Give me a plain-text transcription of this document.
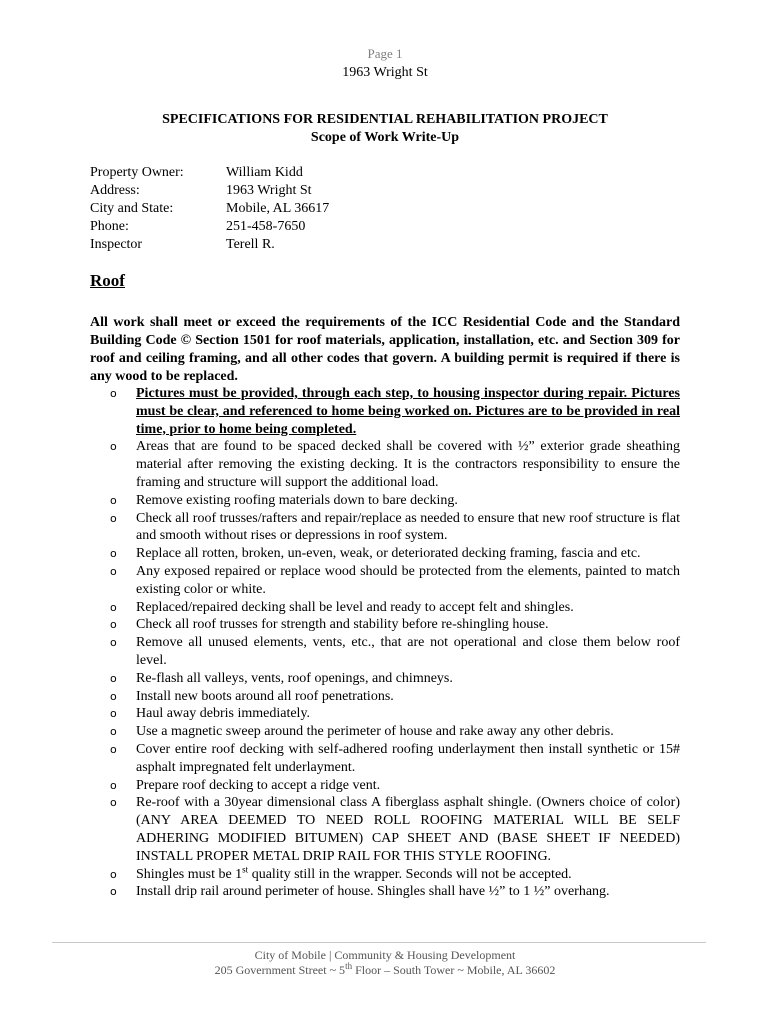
Page 1
1963 Wright St
SPECIFICATIONS FOR RESIDENTIAL REHABILITATION PROJECT
Scope of Work Write-Up
Property Owner:	William Kidd
Address:	1963 Wright St
City and State:	Mobile, AL 36617
Phone:	251-458-7650
Inspector	Terell R.
Roof
All work shall meet or exceed the requirements of the ICC Residential Code and the Standard Building Code © Section 1501 for roof materials, application, installation, etc. and Section 309 for roof and ceiling framing, and all other codes that govern. A building permit is required if there is any wood to be replaced.
o Pictures must be provided, through each step, to housing inspector during repair. Pictures must be clear, and referenced to home being worked on. Pictures are to be provided in real time, prior to home being completed.
o Areas that are found to be spaced decked shall be covered with ½” exterior grade sheathing material after removing the existing decking. It is the contractors responsibility to ensure the framing and structure will support the additional load.
o Remove existing roofing materials down to bare decking.
o Check all roof trusses/rafters and repair/replace as needed to ensure that new roof structure is flat and smooth without rises or depressions in roof system.
o Replace all rotten, broken, un-even, weak, or deteriorated decking framing, fascia and etc.
o Any exposed repaired or replace wood should be protected from the elements, painted to match existing color or white.
o Replaced/repaired decking shall be level and ready to accept felt and shingles.
o Check all roof trusses for strength and stability before re-shingling house.
o Remove all unused elements, vents, etc., that are not operational and close them below roof level.
o Re-flash all valleys, vents, roof openings, and chimneys.
o Install new boots around all roof penetrations.
o Haul away debris immediately.
o Use a magnetic sweep around the perimeter of house and rake away any other debris.
o Cover entire roof decking with self-adhered roofing underlayment then install synthetic or 15# asphalt impregnated felt underlayment.
o Prepare roof decking to accept a ridge vent.
o Re-roof with a 30year dimensional class A fiberglass asphalt shingle. (Owners choice of color) (ANY AREA DEEMED TO NEED ROLL ROOFING MATERIAL WILL BE SELF ADHERING MODIFIED BITUMEN) CAP SHEET AND (BASE SHEET IF NEEDED) INSTALL PROPER METAL DRIP RAIL FOR THIS STYLE ROOFING.
o Shingles must be 1st quality still in the wrapper. Seconds will not be accepted.
o Install drip rail around perimeter of house. Shingles shall have ½” to 1 ½” overhang.
City of Mobile | Community & Housing Development
205 Government Street ~ 5th Floor – South Tower ~ Mobile, AL 36602
